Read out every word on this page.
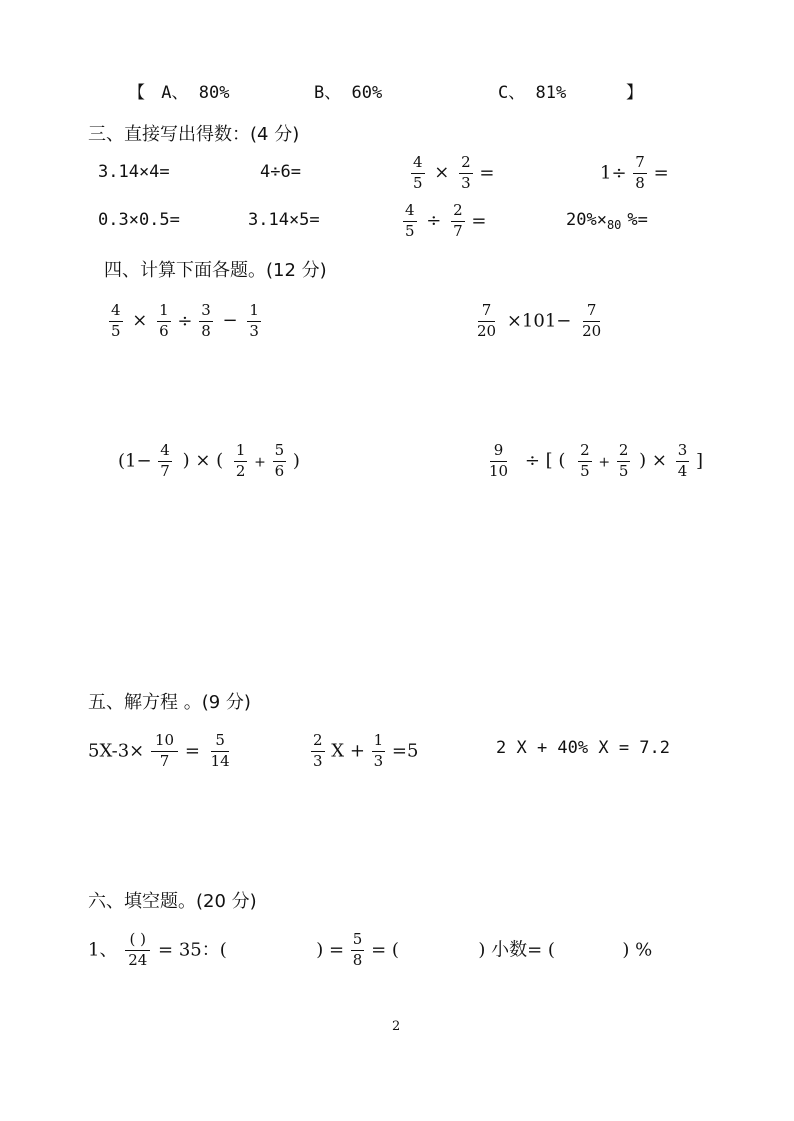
【 A、 80%	B、 60%	C、 81%	】
三、直接写出得数：(4 分)
3.14×4=	4÷6=	$\frac{4}{5} \times \frac{2}{3}$ =	$1\div \frac{7}{8}$ =
0.3×0.5=	3.14×5=	$\frac{4}{5} \div \frac{2}{7}$ =	$20\%\times_{80}$ %=
四、计算下面各题。(12 分)
$\frac{4}{5} \times \frac{1}{6} \div \frac{3}{8} - \frac{1}{3}$	$\frac{7}{20} \times 101- \frac{7}{20}$
($1- \frac{4}{7}$ ) × ( $\frac{1}{2} + \frac{5}{6}$ )	$\frac{9}{10}$ ÷ [ ( $\frac{2}{5} + \frac{2}{5}$ ) × $\frac{3}{4}$ ]
五、解方程 。(9 分)
$5X-3\times \frac{10}{7} = \frac{5}{14}$	$\frac{2}{3}$ $X + \frac{1}{3} =5$	2 X + 40% X = 7.2
六、填空题。(20 分)
1、 $\frac{( )}{24} = 35$：(	) = $\frac{5}{8}$ = (	) 小数= (	) %
2
